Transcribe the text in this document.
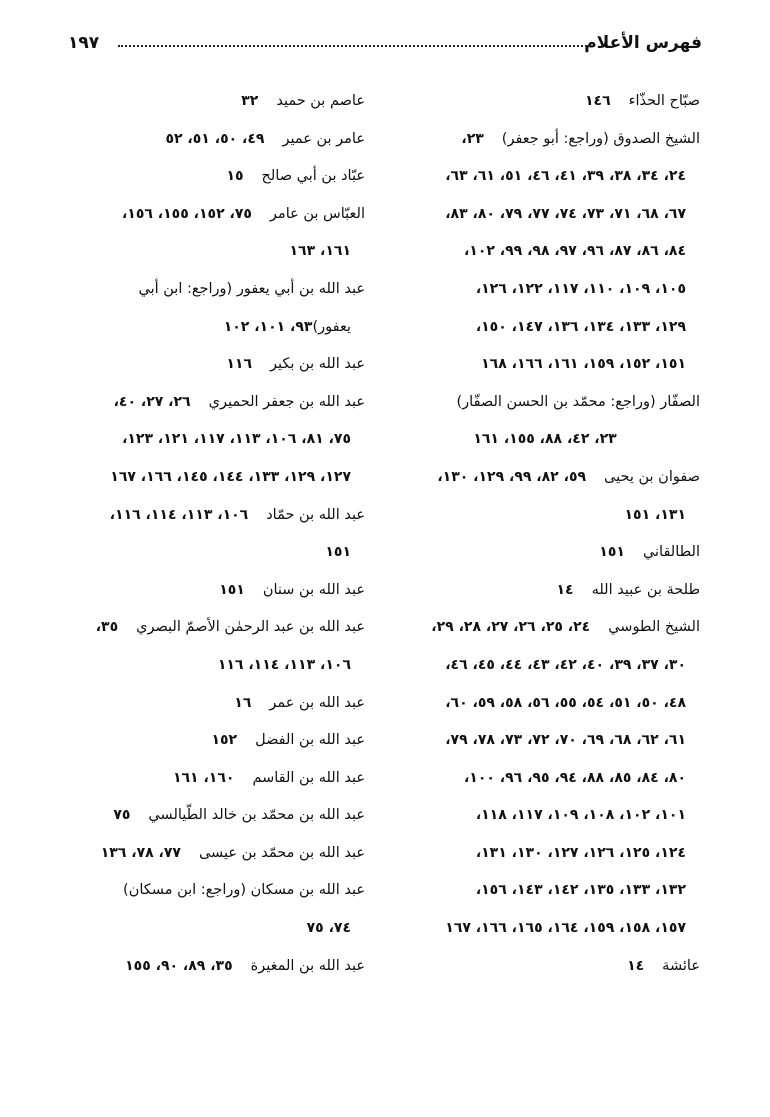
فهرس الأعلام
١٩٧
صبّاح الحذّاء١٤٦
الشيخ الصدوق (وراجع: أبو جعفر)٢٣،
٢٤، ٣٤، ٣٨، ٣٩، ٤١، ٤٦، ٥١، ٦١، ٦٣،
٦٧، ٦٨، ٧١، ٧٣، ٧٤، ٧٧، ٧٩، ٨٠، ٨٣،
٨٤، ٨٦، ٨٧، ٩٦، ٩٧، ٩٨، ٩٩، ١٠٢،
١٠٥، ١٠٩، ١١٠، ١١٧، ١٢٢، ١٢٦،
١٢٩، ١٣٣، ١٣٤، ١٣٦، ١٤٧، ١٥٠،
١٥١، ١٥٢، ١٥٩، ١٦١، ١٦٦، ١٦٨
الصفّار (وراجع: محمّد بن الحسن الصفّار)
٢٣، ٤٢، ٨٨، ١٥٥، ١٦١
صفوان بن يحيى٥٩، ٨٢، ٩٩، ١٢٩، ١٣٠،
١٣١، ١٥١
الطالقاني١٥١
طلحة بن عبيد الله١٤
الشيخ الطوسي٢٤، ٢٥، ٢٦، ٢٧، ٢٨، ٢٩،
٣٠، ٣٧، ٣٩، ٤٠، ٤٢، ٤٣، ٤٤، ٤٥، ٤٦،
٤٨، ٥٠، ٥١، ٥٤، ٥٥، ٥٦، ٥٨، ٥٩، ٦٠،
٦١، ٦٢، ٦٨، ٦٩، ٧٠، ٧٢، ٧٣، ٧٨، ٧٩،
٨٠، ٨٤، ٨٥، ٨٨، ٩٤، ٩٥، ٩٦، ١٠٠،
١٠١، ١٠٢، ١٠٨، ١٠٩، ١١٧، ١١٨،
١٢٤، ١٢٥، ١٢٦، ١٢٧، ١٣٠، ١٣١،
١٣٢، ١٣٣، ١٣٥، ١٤٢، ١٤٣، ١٥٦،
١٥٧، ١٥٨، ١٥٩، ١٦٤، ١٦٥، ١٦٦، ١٦٧
عائشة١٤
عاصم بن حميد٣٢
عامر بن عمير٤٩، ٥٠، ٥١، ٥٢
عبّاد بن أبي صالح١٥
العبّاس بن عامر٧٥، ١٥٢، ١٥٥، ١٥٦،
١٦١، ١٦٣
عبد الله بن أبي يعفور (وراجع: ابن أبي
يعفور)٩٣، ١٠١، ١٠٢
عبد الله بن بكير١١٦
عبد الله بن جعفر الحميري٢٦، ٢٧، ٤٠،
٧٥، ٨١، ١٠٦، ١١٣، ١١٧، ١٢١، ١٢٣،
١٢٧، ١٢٩، ١٣٣، ١٤٤، ١٤٥، ١٦٦، ١٦٧
عبد الله بن حمّاد١٠٦، ١١٣، ١١٤، ١١٦،
١٥١
عبد الله بن سنان١٥١
عبد الله بن عبد الرحمٰن الأصمّ البصري٣٥،
١٠٦، ١١٣، ١١٤، ١١٦
عبد الله بن عمر١٦
عبد الله بن الفضل١٥٢
عبد الله بن القاسم١٦٠، ١٦١
عبد الله بن محمّد بن خالد الطّيالسي٧٥
عبد الله بن محمّد بن عيسى٧٧، ٧٨، ١٣٦
عبد الله بن مسكان (وراجع: ابن مسكان)
٧٤، ٧٥
عبد الله بن المغيرة٣٥، ٨٩، ٩٠، ١٥٥
